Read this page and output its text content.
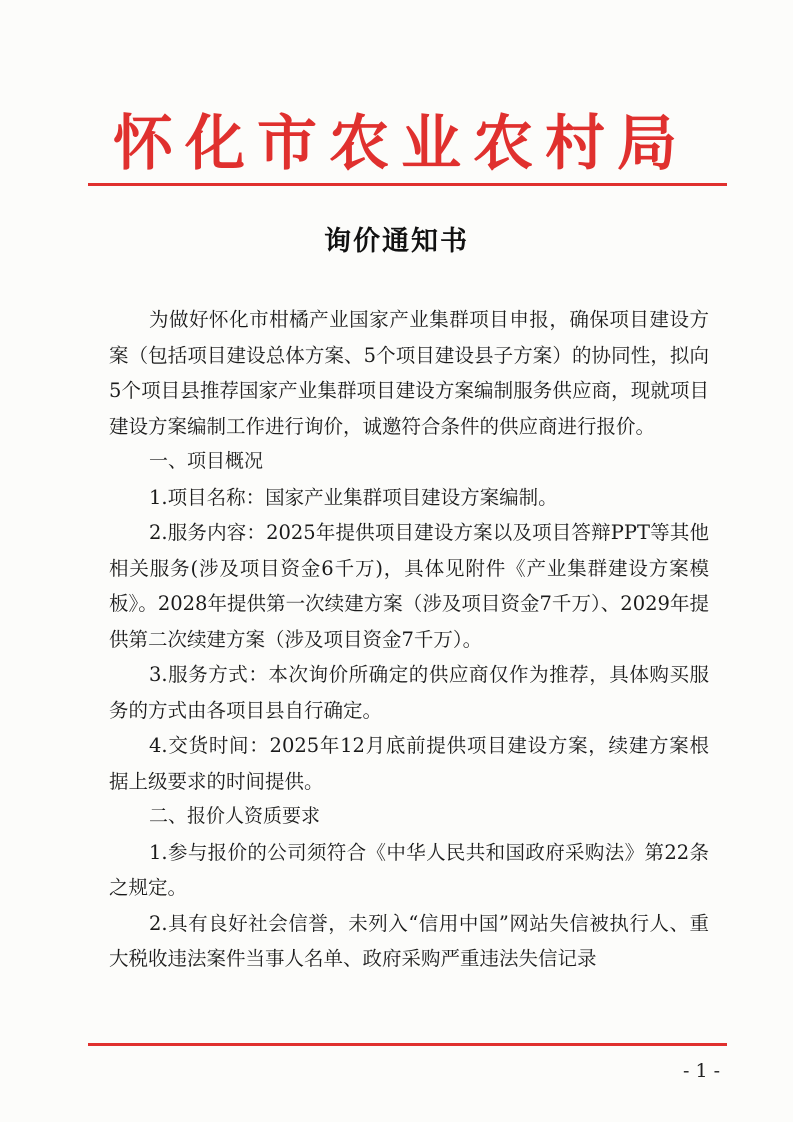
怀化市农业农村局
询价通知书

为做好怀化市柑橘产业国家产业集群项目申报，确保项目建设方案（包括项目建设总体方案、5个项目建设县子方案）的协同性，拟向5个项目县推荐国家产业集群项目建设方案编制服务供应商，现就项目建设方案编制工作进行询价，诚邀符合条件的供应商进行报价。

一、项目概况

1.项目名称：国家产业集群项目建设方案编制。

2.服务内容：2025年提供项目建设方案以及项目答辩PPT等其他相关服务(涉及项目资金6千万)，具体见附件《产业集群建设方案模板》。2028年提供第一次续建方案（涉及项目资金7千万）、2029年提供第二次续建方案（涉及项目资金7千万）。

3.服务方式：本次询价所确定的供应商仅作为推荐，具体购买服务的方式由各项目县自行确定。

4.交货时间：2025年12月底前提供项目建设方案，续建方案根据上级要求的时间提供。

二、报价人资质要求

1.参与报价的公司须符合《中华人民共和国政府采购法》第22条之规定。

2.具有良好社会信誉，未列入“信用中国”网站失信被执行人、重大税收违法案件当事人名单、政府采购严重违法失信记录

- 1 -
